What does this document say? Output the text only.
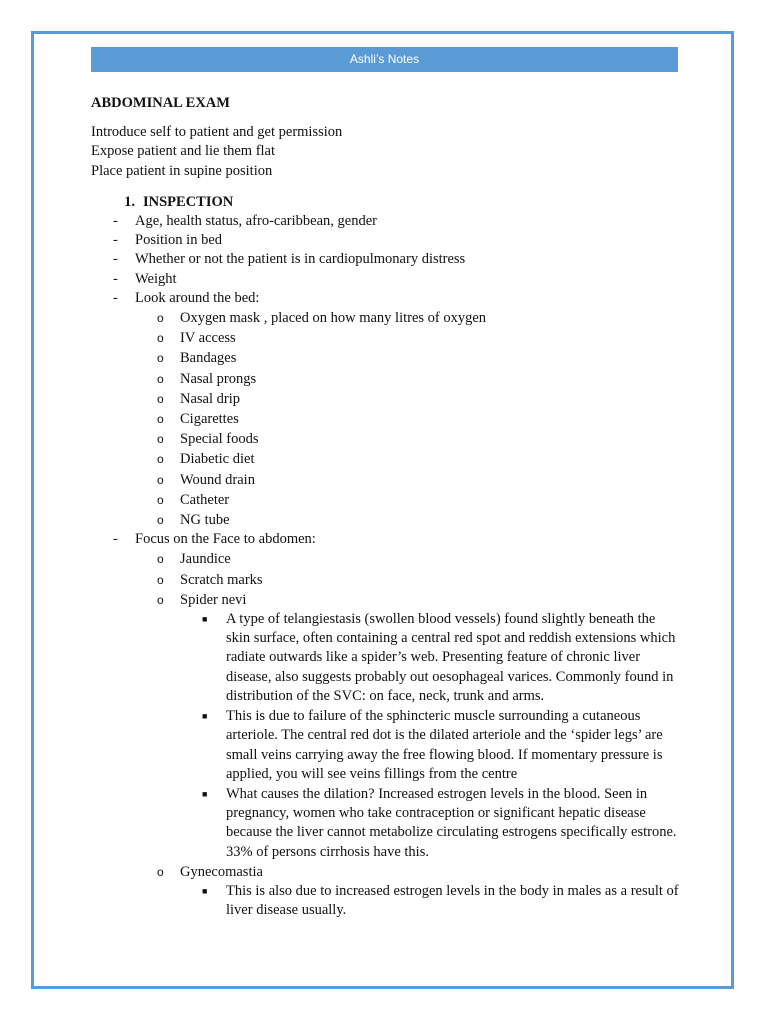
Ashli’s Notes
ABDOMINAL EXAM

Introduce self to patient and get permission

Expose patient and lie them flat

Place patient in supine position

1. INSPECTION
-	Age, health status, afro-caribbean, gender
-	Position in bed
-	Whether or not the patient is in cardiopulmonary distress
-	Weight
-	Look around the bed:
o	Oxygen mask , placed on how many litres of oxygen
o	IV access
o	Bandages
o	Nasal prongs
o	Nasal drip
o	Cigarettes
o	Special foods
o	Diabetic diet
o	Wound drain
o	Catheter
o	NG tube
-	Focus on the Face to abdomen:
o	Jaundice
o	Scratch marks
o	Spider nevi
■	A type of telangiestasis (swollen blood vessels) found slightly beneath the skin surface, often containing a central red spot and reddish extensions which radiate outwards like a spider’s web. Presenting feature of chronic liver disease, also suggests probably out oesophageal varices. Commonly found in distribution of the SVC: on face, neck, trunk and arms.
■	This is due to failure of the sphincteric muscle surrounding a cutaneous arteriole. The central red dot is the dilated arteriole and the ‘spider legs’ are small veins carrying away the free flowing blood. If momentary pressure is applied, you will see veins fillings from the centre
■	What causes the dilation? Increased estrogen levels in the blood. Seen in pregnancy, women who take contraception or significant hepatic disease because the liver cannot metabolize circulating estrogens specifically estrone. 33% of persons cirrhosis have this.
o	Gynecomastia
■	This is also due to increased estrogen levels in the body in males as a result of liver disease usually.
